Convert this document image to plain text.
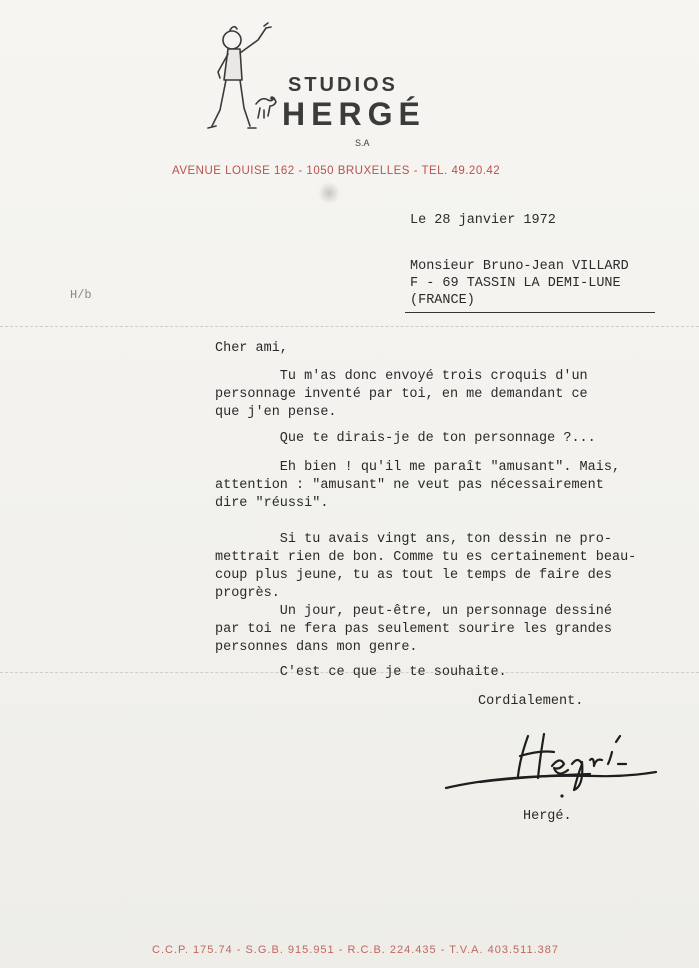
STUDIOS
HERGÉ
S.A
AVENUE LOUISE 162 - 1050 BRUXELLES - TEL. 49.20.42
Le 28 janvier 1972
Monsieur Bruno-Jean VILLARD
F - 69 TASSIN LA DEMI-LUNE
(FRANCE)
H/b

Cher ami,

Tu m'as donc envoyé trois croquis d'un
personnage inventé par toi, en me demandant ce
que j'en pense.

Que te dirais-je de ton personnage ?...

Eh bien ! qu'il me paraît "amusant". Mais,
attention : "amusant" ne veut pas nécessairement
dire "réussi".

Si tu avais vingt ans, ton dessin ne pro-
mettrait rien de bon. Comme tu es certainement beau-
coup plus jeune, tu as tout le temps de faire des
progrès.

Un jour, peut-être, un personnage dessiné
par toi ne fera pas seulement sourire les grandes
personnes dans mon genre.

C'est ce que je te souhaite.

Cordialement.
Hergé.
C.C.P. 175.74 - S.G.B. 915.951 - R.C.B. 224.435 - T.V.A. 403.511.387
